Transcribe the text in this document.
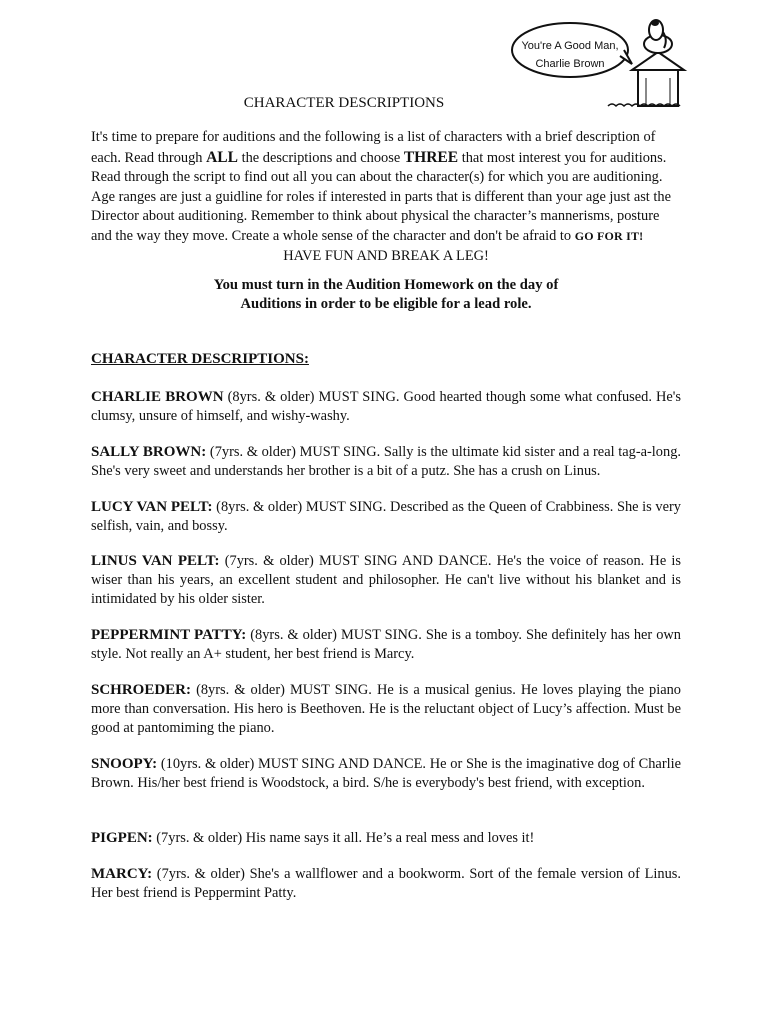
You're A Good Man,
Charlie Brown
CHARACTER DESCRIPTIONS
It's time to prepare for auditions and the following is a list of characters with a brief description of each. Read through ALL the descriptions and choose THREE that most interest you for auditions. Read through the script to find out all you can about the character(s) for which you are auditioning. Age ranges are just a guidline for roles if interested in parts that is different than your age just ast the Director about auditioning. Remember to think about physical the character’s mannerisms, posture and the way they move. Create a whole sense of the character and don't be afraid to GO FOR IT!
HAVE FUN AND BREAK A LEG!
You must turn in the Audition Homework on the day of
Auditions in order to be eligible for a lead role.
CHARACTER DESCRIPTIONS:
CHARLIE BROWN (8yrs. & older) MUST SING. Good hearted though some what confused. He's clumsy, unsure of himself, and wishy-washy.
SALLY BROWN: (7yrs. & older) MUST SING. Sally is the ultimate kid sister and a real tag-a-long. She's very sweet and understands her brother is a bit of a putz. She has a crush on Linus.
LUCY VAN PELT: (8yrs. & older) MUST SING. Described as the Queen of Crabbiness. She is very selfish, vain, and bossy.
LINUS VAN PELT: (7yrs. & older) MUST SING AND DANCE. He's the voice of reason. He is wiser than his years, an excellent student and philosopher. He can't live without his blanket and is intimidated by his older sister.
PEPPERMINT PATTY: (8yrs. & older) MUST SING. She is a tomboy. She definitely has her own style. Not really an A+ student, her best friend is Marcy.
SCHROEDER: (8yrs. & older) MUST SING. He is a musical genius. He loves playing the piano more than conversation. His hero is Beethoven. He is the reluctant object of Lucy’s affection. Must be good at pantomiming the piano.
SNOOPY: (10yrs. & older) MUST SING AND DANCE. He or She is the imaginative dog of Charlie Brown. His/her best friend is Woodstock, a bird. S/he is everybody's best friend, with exception.
PIGPEN: (7yrs. & older) His name says it all. He’s a real mess and loves it!
MARCY: (7yrs. & older) She's a wallflower and a bookworm. Sort of the female version of Linus. Her best friend is Peppermint Patty.
